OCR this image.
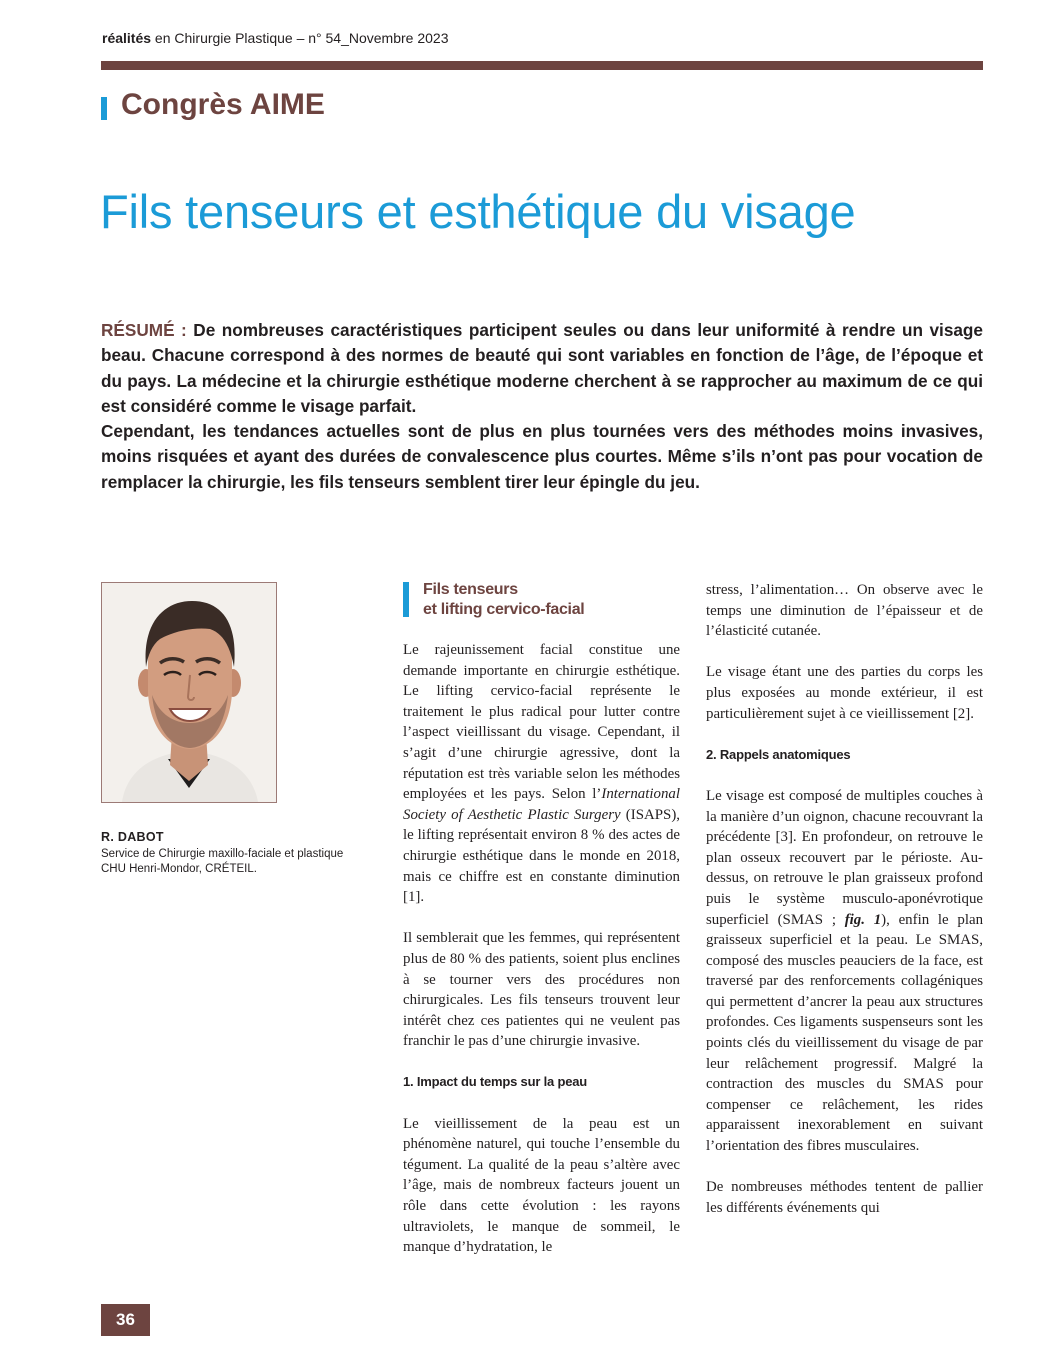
réalités en Chirurgie Plastique – n° 54_Novembre 2023
Congrès AIME
Fils tenseurs et esthétique du visage

RÉSUMÉ : De nombreuses caractéristiques participent seules ou dans leur uniformité à rendre un visage beau. Chacune correspond à des normes de beauté qui sont variables en fonction de l’âge, de l’époque et du pays. La médecine et la chirurgie esthétique moderne cherchent à se rapprocher au maximum de ce qui est considéré comme le visage parfait.

Cependant, les tendances actuelles sont de plus en plus tournées vers des méthodes moins invasives, moins risquées et ayant des durées de convalescence plus courtes. Même s’ils n’ont pas pour vocation de remplacer la chirurgie, les fils tenseurs semblent tirer leur épingle du jeu.

R. DABOT
Service de Chirurgie maxillo-faciale et plastique
CHU Henri-Mondor, CRÉTEIL.
Fils tenseurs
et lifting cervico-facial

Le rajeunissement facial constitue une demande importante en chirurgie esthétique. Le lifting cervico-facial représente le traitement le plus radical pour lutter contre l’aspect vieillissant du visage. Cependant, il s’agit d’une chirurgie agressive, dont la réputation est très variable selon les méthodes employées et les pays. Selon l’International Society of Aesthetic Plastic Surgery (ISAPS), le lifting représentait environ 8 % des actes de chirurgie esthétique dans le monde en 2018, mais ce chiffre est en constante diminution [1].

Il semblerait que les femmes, qui représentent plus de 80 % des patients, soient plus enclines à se tourner vers des procédures non chirurgicales. Les fils tenseurs trouvent leur intérêt chez ces patientes qui ne veulent pas franchir le pas d’une chirurgie invasive.

1. Impact du temps sur la peau

Le vieillissement de la peau est un phénomène naturel, qui touche l’ensemble du tégument. La qualité de la peau s’altère avec l’âge, mais de nombreux facteurs jouent un rôle dans cette évolution : les rayons ultraviolets, le manque de sommeil, le manque d’hydratation, le

stress, l’alimentation… On observe avec le temps une diminution de l’épaisseur et de l’élasticité cutanée.

Le visage étant une des parties du corps les plus exposées au monde extérieur, il est particulièrement sujet à ce vieillissement [2].

2. Rappels anatomiques

Le visage est composé de multiples couches à la manière d’un oignon, chacune recouvrant la précédente [3]. En profondeur, on retrouve le plan osseux recouvert par le périoste. Au-dessus, on retrouve le plan graisseux profond puis le système musculo-aponévrotique superficiel (SMAS ; fig. 1), enfin le plan graisseux superficiel et la peau. Le SMAS, composé des muscles peauciers de la face, est traversé par des renforcements collagéniques qui permettent d’ancrer la peau aux structures profondes. Ces ligaments suspenseurs sont les points clés du vieillissement du visage de par leur relâchement progressif. Malgré la contraction des muscles du SMAS pour compenser ce relâchement, les rides apparaissent inexorablement en suivant l’orientation des fibres musculaires.

De nombreuses méthodes tentent de pallier les différents événements qui

36
